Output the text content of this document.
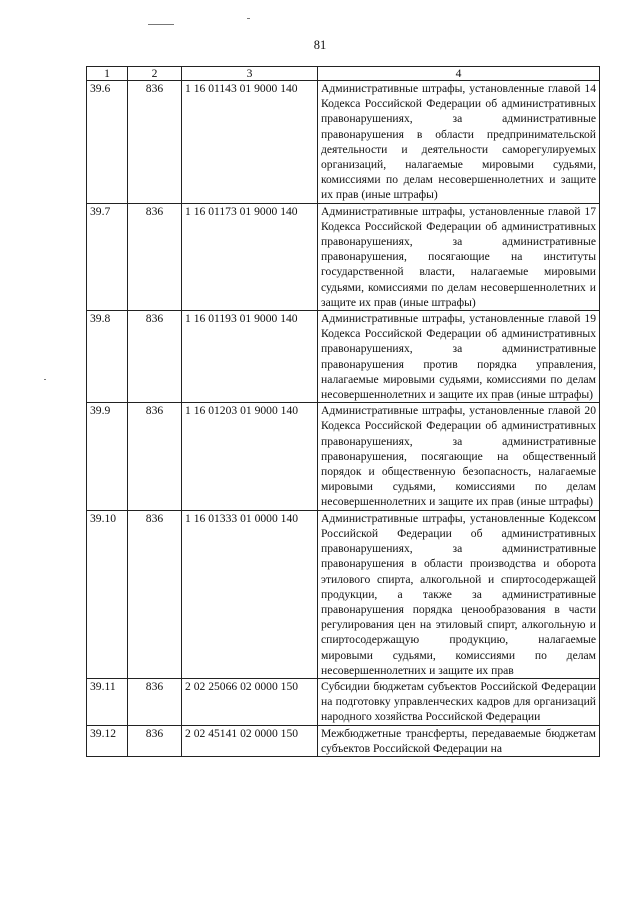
81
1	2	3	4
39.6	836	1 16 01143 01 9000 140	Административные штрафы, установленные главой 14 Кодекса Российской Федерации об административных правонарушениях, за административные правонарушения в области предпринимательской деятельности и деятельности саморегулируемых организаций, налагаемые мировыми судьями, комиссиями по делам несовершеннолетних и защите их прав (иные штрафы)
39.7	836	1 16 01173 01 9000 140	Административные штрафы, установленные главой 17 Кодекса Российской Федерации об административных правонарушениях, за административные правонарушения, посягающие на институты государственной власти, налагаемые мировыми судьями, комиссиями по делам несовершеннолетних и защите их прав (иные штрафы)
39.8	836	1 16 01193 01 9000 140	Административные штрафы, установленные главой 19 Кодекса Российской Федерации об административных правонарушениях, за административные правонарушения против порядка управления, налагаемые мировыми судьями, комиссиями по делам несовершеннолетних и защите их прав (иные штрафы)
39.9	836	1 16 01203 01 9000 140	Административные штрафы, установленные главой 20 Кодекса Российской Федерации об административных правонарушениях, за административные правонарушения, посягающие на общественный порядок и общественную безопасность, налагаемые мировыми судьями, комиссиями по делам несовершеннолетних и защите их прав (иные штрафы)
39.10	836	1 16 01333 01 0000 140	Административные штрафы, установленные Кодексом Российской Федерации об административных правонарушениях, за административные правонарушения в области производства и оборота этилового спирта, алкогольной и спиртосодержащей продукции, а также за административные правонарушения порядка ценообразования в части регулирования цен на этиловый спирт, алкогольную и спиртосодержащую продукцию, налагаемые мировыми судьями, комиссиями по делам несовершеннолетних и защите их прав
39.11	836	2 02 25066 02 0000 150	Субсидии бюджетам субъектов Российской Федерации на подготовку управленческих кадров для организаций народного хозяйства Российской Федерации
39.12	836	2 02 45141 02 0000 150	Межбюджетные трансферты, передаваемые бюджетам субъектов Российской Федерации на
